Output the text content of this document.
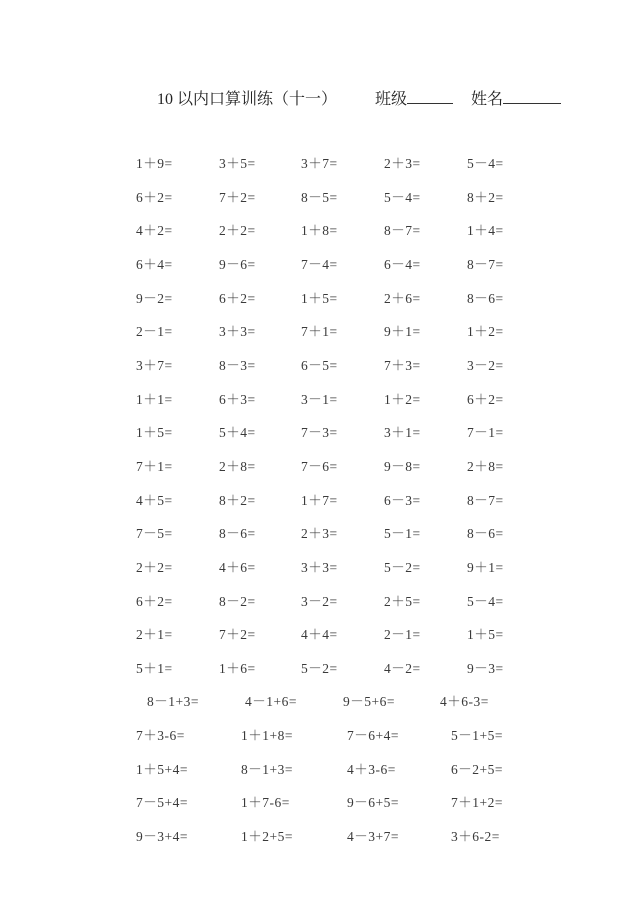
10 以内口算训练（十一） 班级	姓名
1＋9=	3＋5=	3＋7=	2＋3=	5－4=
6＋2=	7＋2=	8－5=	5－4=	8＋2=
4＋2=	2＋2=	1＋8=	8－7=	1＋4=
6＋4=	9－6=	7－4=	6－4=	8－7=
9－2=	6＋2=	1＋5=	2＋6=	8－6=
2－1=	3＋3=	7＋1=	9＋1=	1＋2=
3＋7=	8－3=	6－5=	7＋3=	3－2=
1＋1=	6＋3=	3－1=	1＋2=	6＋2=
1＋5=	5＋4=	7－3=	3＋1=	7－1=
7＋1=	2＋8=	7－6=	9－8=	2＋8=
4＋5=	8＋2=	1＋7=	6－3=	8－7=
7－5=	8－6=	2＋3=	5－1=	8－6=
2＋2=	4＋6=	3＋3=	5－2=	9＋1=
6＋2=	8－2=	3－2=	2＋5=	5－4=
2＋1=	7＋2=	4＋4=	2－1=	1＋5=
5＋1=	1＋6=	5－2=	4－2=	9－3=
8－1+3=	4－1+6=	9－5+6=	4＋6-3=
7＋3-6=	1＋1+8=	7－6+4=	5－1+5=
1＋5+4=	8－1+3=	4＋3-6=	6－2+5=
7－5+4=	1＋7-6=	9－6+5=	7＋1+2=
9－3+4=	1＋2+5=	4－3+7=	3＋6-2=
